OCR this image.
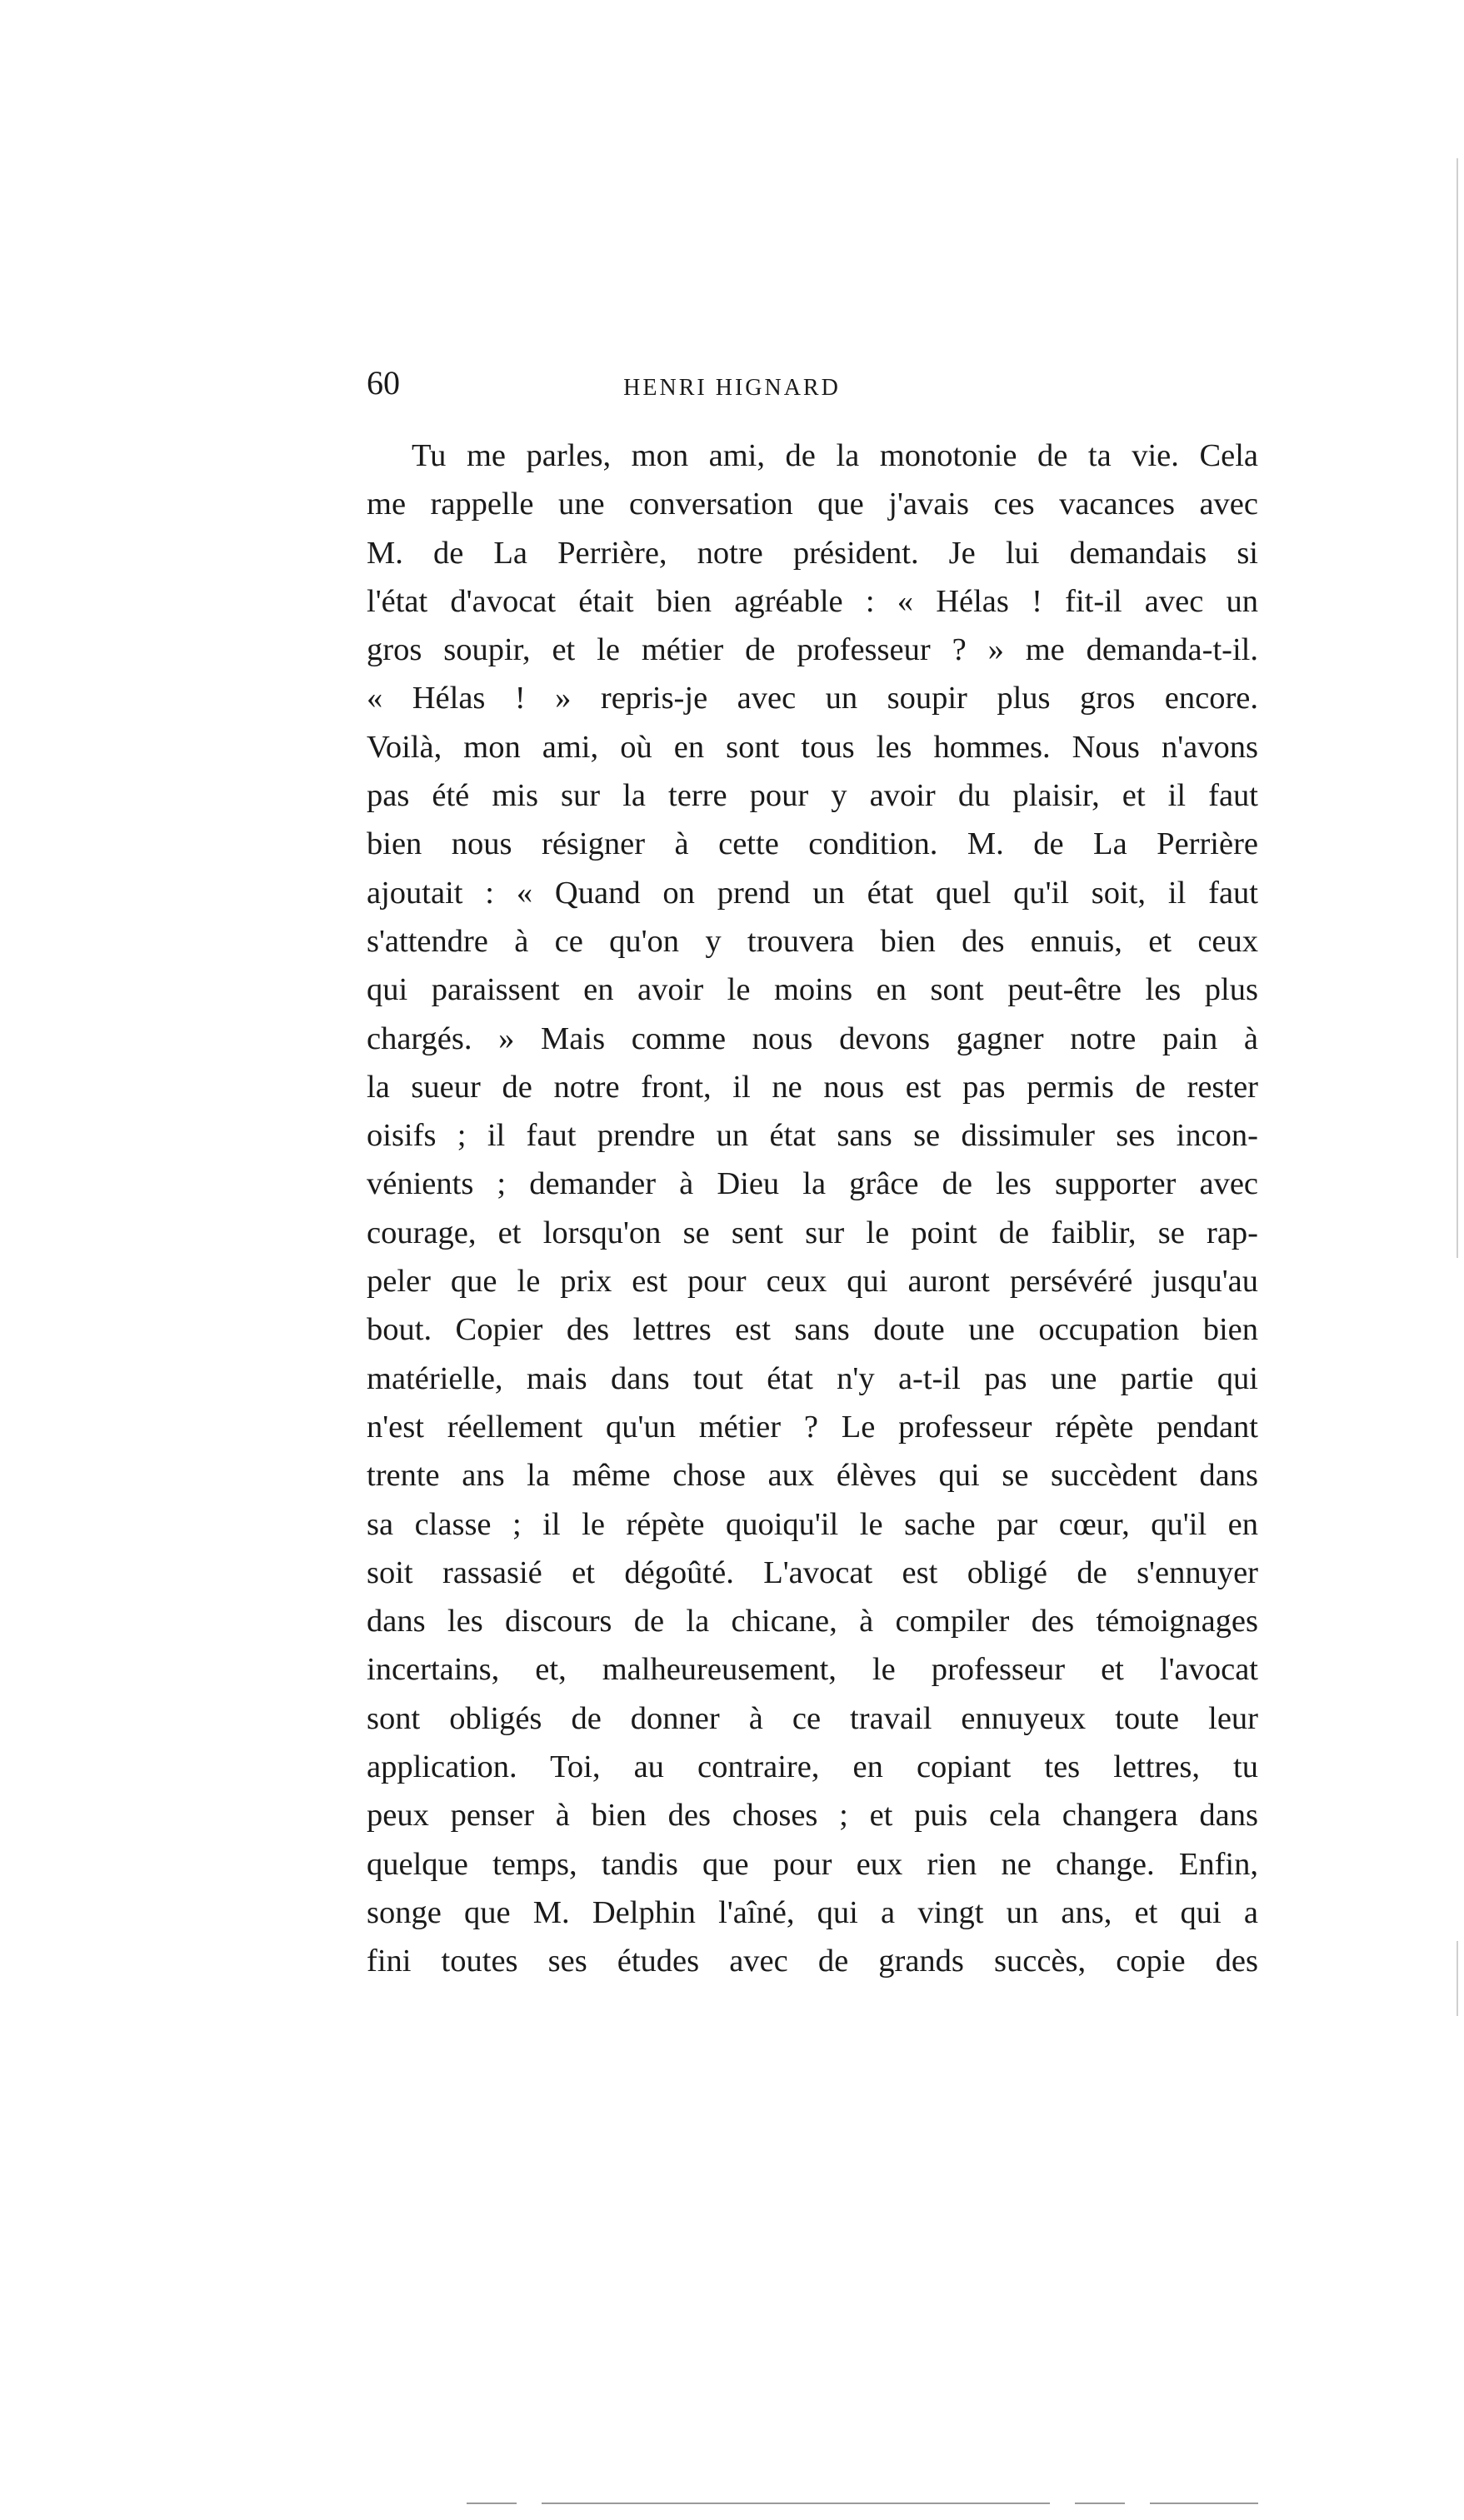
60	HENRI HIGNARD
Tu me parles, mon ami, de la monotonie de ta vie. Cela
me rappelle une conversation que j'avais ces vacances avec
M. de La Perrière, notre président. Je lui demandais si
l'état d'avocat était bien agréable : « Hélas ! fit-il avec un
gros soupir, et le métier de professeur ? » me demanda-t-il.
« Hélas ! » repris-je avec un soupir plus gros encore.
Voilà, mon ami, où en sont tous les hommes. Nous n'avons
pas été mis sur la terre pour y avoir du plaisir, et il faut
bien nous résigner à cette condition. M. de La Perrière
ajoutait : « Quand on prend un état quel qu'il soit, il faut
s'attendre à ce qu'on y trouvera bien des ennuis, et ceux
qui paraissent en avoir le moins en sont peut-être les plus
chargés. » Mais comme nous devons gagner notre pain à
la sueur de notre front, il ne nous est pas permis de rester
oisifs ; il faut prendre un état sans se dissimuler ses incon-
vénients ; demander à Dieu la grâce de les supporter avec
courage, et lorsqu'on se sent sur le point de faiblir, se rap-
peler que le prix est pour ceux qui auront persévéré jusqu'au
bout. Copier des lettres est sans doute une occupation bien
matérielle, mais dans tout état n'y a-t-il pas une partie qui
n'est réellement qu'un métier ? Le professeur répète pendant
trente ans la même chose aux élèves qui se succèdent dans
sa classe ; il le répète quoiqu'il le sache par cœur, qu'il en
soit rassasié et dégoûté. L'avocat est obligé de s'ennuyer
dans les discours de la chicane, à compiler des témoignages
incertains, et, malheureusement, le professeur et l'avocat
sont obligés de donner à ce travail ennuyeux toute leur
application. Toi, au contraire, en copiant tes lettres, tu
peux penser à bien des choses ; et puis cela changera dans
quelque temps, tandis que pour eux rien ne change. Enfin,
songe que M. Delphin l'aîné, qui a vingt un ans, et qui a
fini toutes ses études avec de grands succès, copie des
